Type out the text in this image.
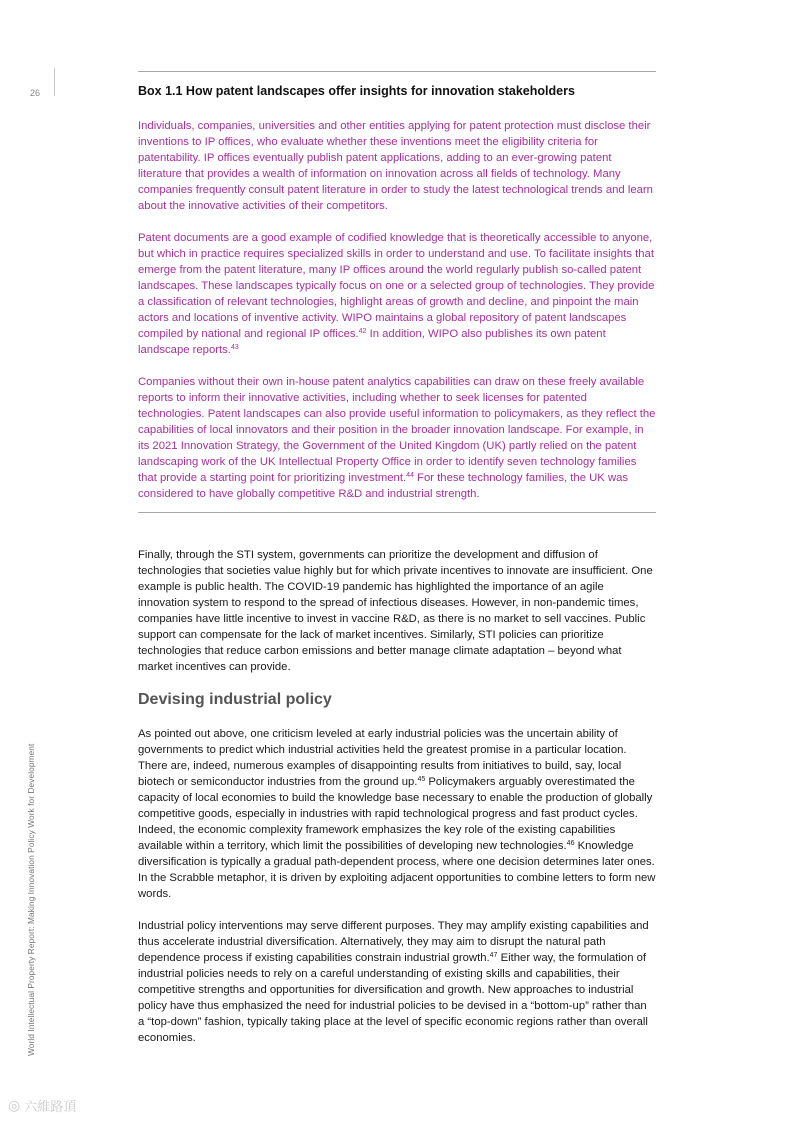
26
World Intellectual Property Report: Making Innovation Policy Work for Development
Box 1.1 How patent landscapes offer insights for innovation stakeholders

Individuals, companies, universities and other entities applying for patent protection must disclose their inventions to IP offices, who evaluate whether these inventions meet the eligibility criteria for patentability. IP offices eventually publish patent applications, adding to an ever-growing patent literature that provides a wealth of information on innovation across all fields of technology. Many companies frequently consult patent literature in order to study the latest technological trends and learn about the innovative activities of their competitors.

Patent documents are a good example of codified knowledge that is theoretically accessible to anyone, but which in practice requires specialized skills in order to understand and use. To facilitate insights that emerge from the patent literature, many IP offices around the world regularly publish so-called patent landscapes. These landscapes typically focus on one or a selected group of technologies. They provide a classification of relevant technologies, highlight areas of growth and decline, and pinpoint the main actors and locations of inventive activity. WIPO maintains a global repository of patent landscapes compiled by national and regional IP offices.$^{42}$ In addition, WIPO also publishes its own patent landscape reports.$^{43}$

Companies without their own in-house patent analytics capabilities can draw on these freely available reports to inform their innovative activities, including whether to seek licenses for patented technologies. Patent landscapes can also provide useful information to policymakers, as they reflect the capabilities of local innovators and their position in the broader innovation landscape. For example, in its 2021 Innovation Strategy, the Government of the United Kingdom (UK) partly relied on the patent landscaping work of the UK Intellectual Property Office in order to identify seven technology families that provide a starting point for prioritizing investment.$^{44}$ For these technology families, the UK was considered to have globally competitive R&D and industrial strength.

Finally, through the STI system, governments can prioritize the development and diffusion of technologies that societies value highly but for which private incentives to innovate are insufficient. One example is public health. The COVID-19 pandemic has highlighted the importance of an agile innovation system to respond to the spread of infectious diseases. However, in non-pandemic times, companies have little incentive to invest in vaccine R&D, as there is no market to sell vaccines. Public support can compensate for the lack of market incentives. Similarly, STI policies can prioritize technologies that reduce carbon emissions and better manage climate adaptation – beyond what market incentives can provide.

Devising industrial policy

As pointed out above, one criticism leveled at early industrial policies was the uncertain ability of governments to predict which industrial activities held the greatest promise in a particular location. There are, indeed, numerous examples of disappointing results from initiatives to build, say, local biotech or semiconductor industries from the ground up.$^{45}$ Policymakers arguably overestimated the capacity of local economies to build the knowledge base necessary to enable the production of globally competitive goods, especially in industries with rapid technological progress and fast product cycles. Indeed, the economic complexity framework emphasizes the key role of the existing capabilities available within a territory, which limit the possibilities of developing new technologies.$^{46}$ Knowledge diversification is typically a gradual path-dependent process, where one decision determines later ones. In the Scrabble metaphor, it is driven by exploiting adjacent opportunities to combine letters to form new words.

Industrial policy interventions may serve different purposes. They may amplify existing capabilities and thus accelerate industrial diversification. Alternatively, they may aim to disrupt the natural path dependence process if existing capabilities constrain industrial growth.$^{47}$ Either way, the formulation of industrial policies needs to rely on a careful understanding of existing skills and capabilities, their competitive strengths and opportunities for diversification and growth. New approaches to industrial policy have thus emphasized the need for industrial policies to be devised in a “bottom-up” rather than a “top-down” fashion, typically taking place at the level of specific economic regions rather than overall economies.

◎ 六維路頂
